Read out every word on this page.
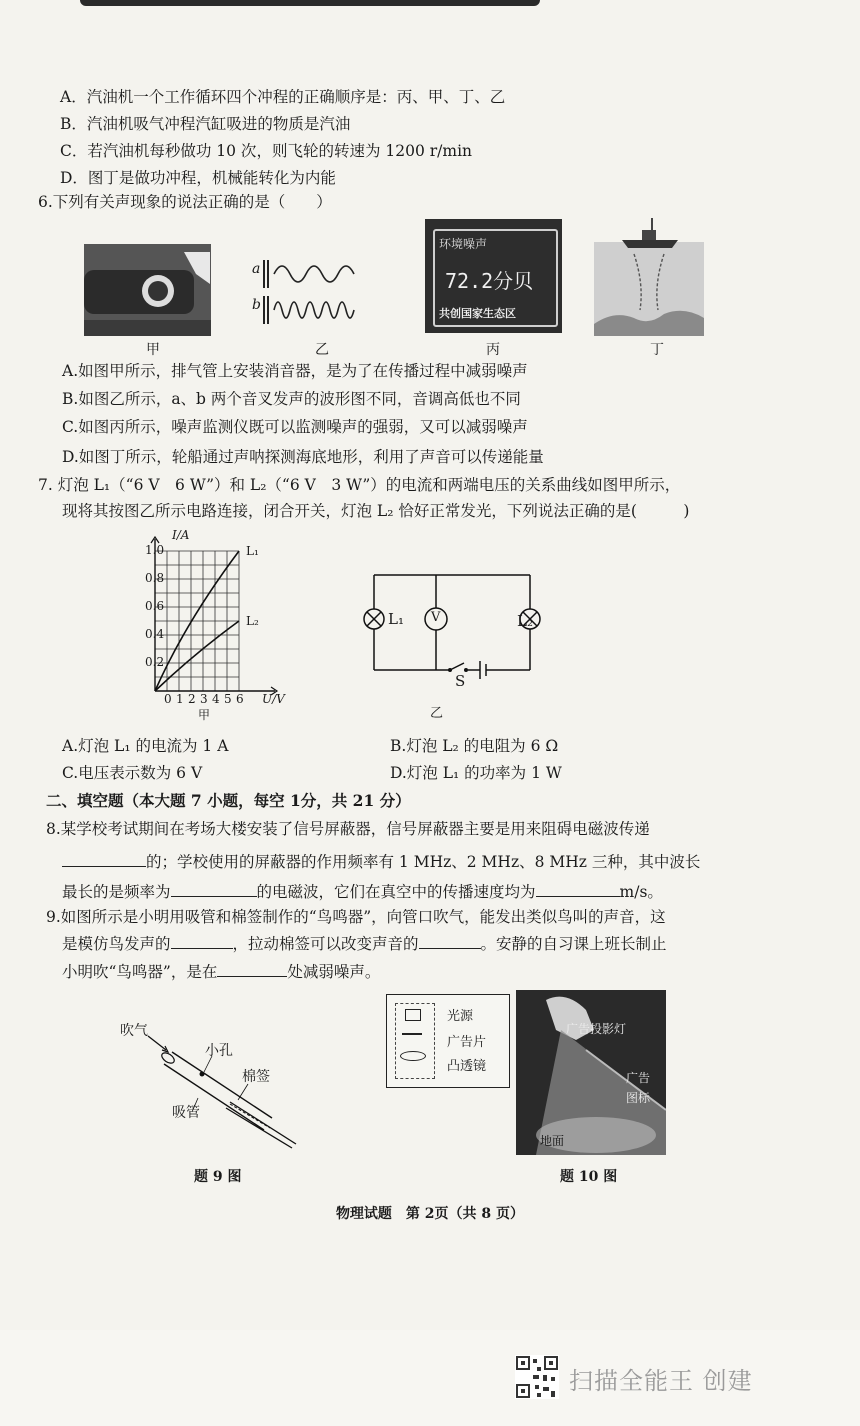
A．汽油机一个工作循环四个冲程的正确顺序是：丙、甲、丁、乙
B．汽油机吸气冲程汽缸吸进的物质是汽油
C．若汽油机每秒做功 10 次，则飞轮的转速为 1200 r/min
D．图丁是做功冲程，机械能转化为内能
6.下列有关声现象的说法正确的是（　　）
甲
a
b
乙
环境噪声
72.2分贝
共创国家生态区
丙	丁
A.如图甲所示，排气管上安装消音器，是为了在传播过程中减弱噪声
B.如图乙所示，a、b 两个音叉发声的波形图不同，音调高低也不同
C.如图丙所示，噪声监测仪既可以监测噪声的强弱，又可以减弱噪声
D.如图丁所示，轮船通过声呐探测海底地形，利用了声音可以传递能量
7. 灯泡 L₁（“6 V　6 W”）和 L₂（“6 V　3 W”）的电流和两端电压的关系曲线如图甲所示，
现将其按图乙所示电路连接，闭合开关，灯泡 L₂ 恰好正常发光，下列说法正确的是(　　　)
I/A
1.0
0.8
0.6
0.4
0.2
0 1 2 3 4 5 6 U/V
L₁
L₂
甲
L₁ V	L₂
S
乙
A.灯泡 L₁ 的电流为 1 A	B.灯泡 L₂ 的电阻为 6 Ω
C.电压表示数为 6 V	D.灯泡 L₁ 的功率为 1 W
二、填空题（本大题 7 小题，每空 1分，共 21 分）
8.某学校考试期间在考场大楼安装了信号屏蔽器，信号屏蔽器主要是用来阻碍电磁波传递
的；学校使用的屏蔽器的作用频率有 1 MHz、2 MHz、8 MHz 三种，其中波长
最长的是频率为	的电磁波，它们在真空中的传播速度均为	m/s。
9.如图所示是小明用吸管和棉签制作的“鸟鸣器”，向管口吹气，能发出类似鸟叫的声音，这
是模仿鸟发声的	，拉动棉签可以改变声音的	。安静的自习课上班长制止
小明吹“鸟鸣器”，是在	处减弱噪声。
吹气
小孔
棉签
吸管
题 9 图
光源
广告片
凸透镜
广告投影灯
广告图标
地面
题 10 图
物理试题　第 2页（共 8 页）
扫描全能王 创建
